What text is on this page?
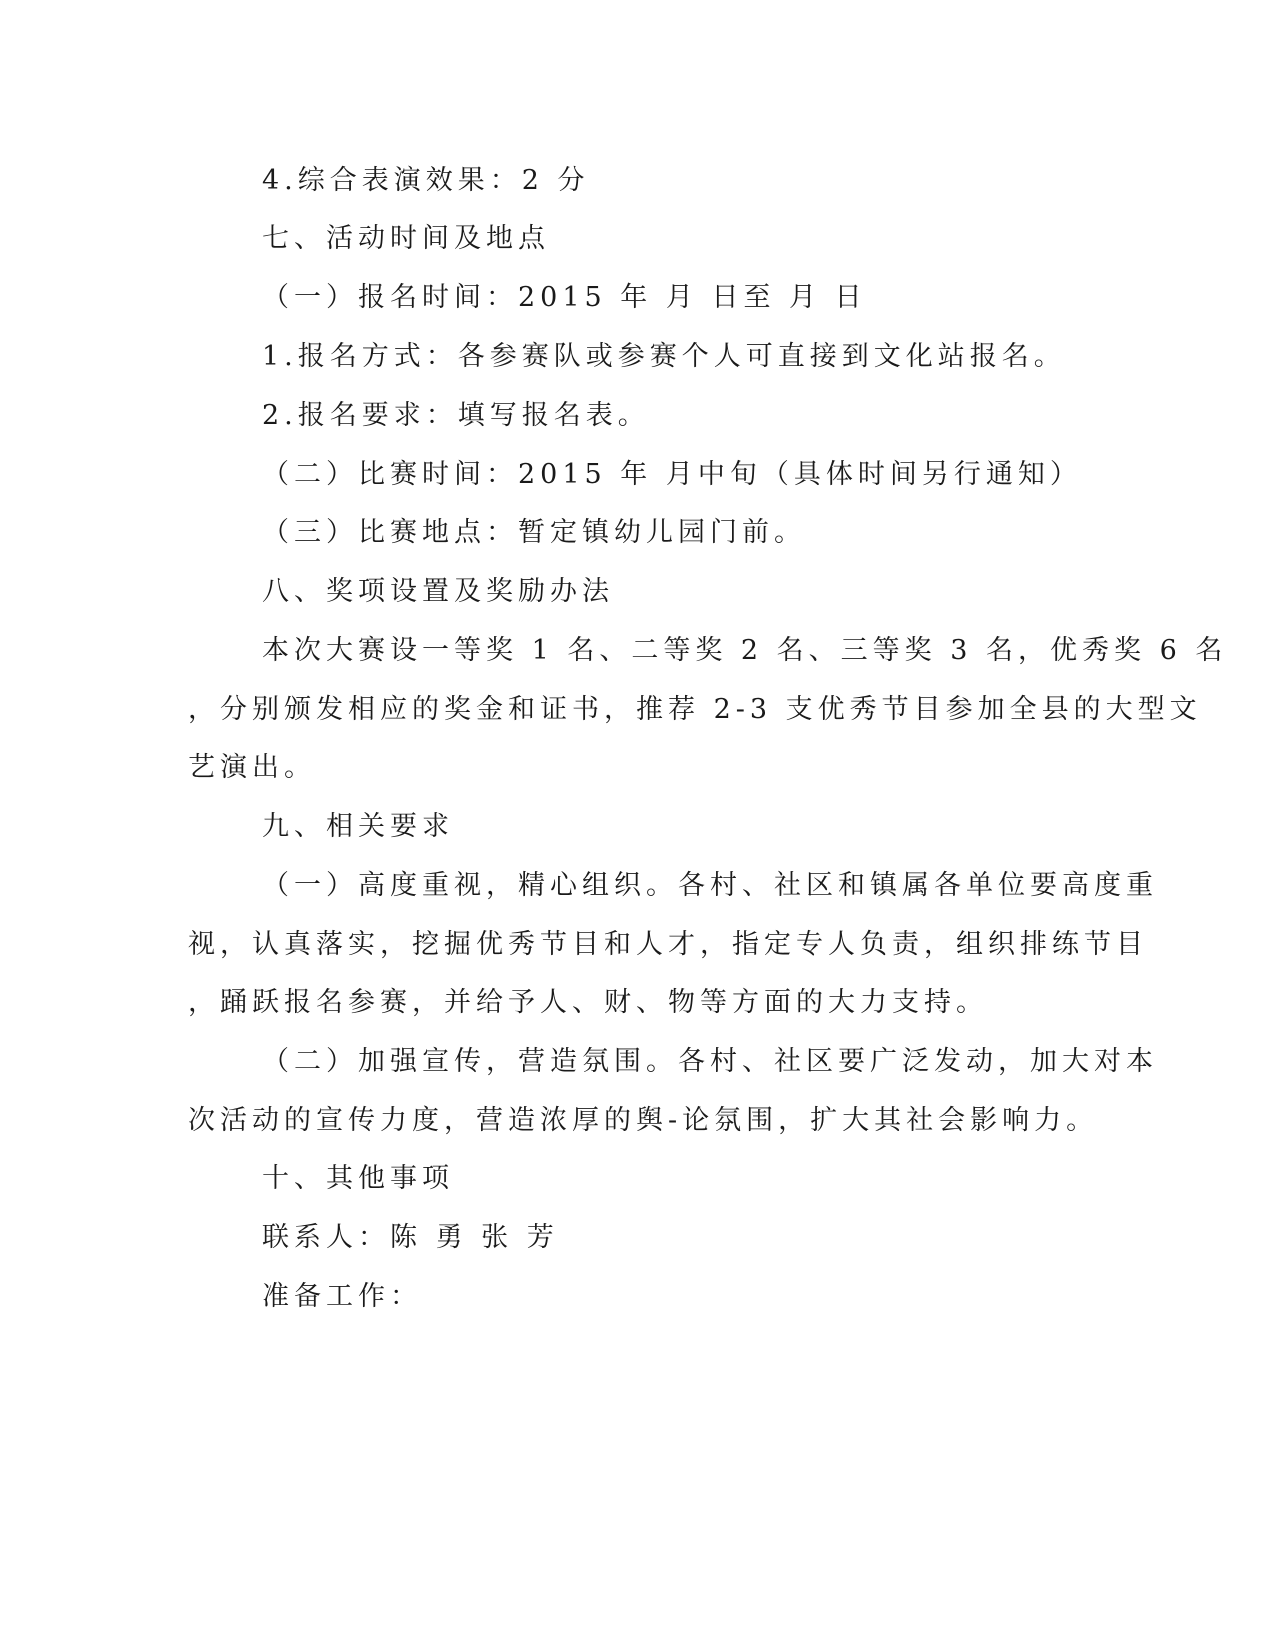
4.综合表演效果：2 分
七、活动时间及地点
（一）报名时间：2015 年 月 日至 月 日
1.报名方式：各参赛队或参赛个人可直接到文化站报名。
2.报名要求：填写报名表。
（二）比赛时间：2015 年 月中旬（具体时间另行通知）
（三）比赛地点：暂定镇幼儿园门前。
八、奖项设置及奖励办法
本次大赛设一等奖 1 名、二等奖 2 名、三等奖 3 名，优秀奖 6 名
，分别颁发相应的奖金和证书，推荐 2-3 支优秀节目参加全县的大型文
艺演出。
九、相关要求
（一）高度重视，精心组织。各村、社区和镇属各单位要高度重
视，认真落实，挖掘优秀节目和人才，指定专人负责，组织排练节目
，踊跃报名参赛，并给予人、财、物等方面的大力支持。
（二）加强宣传，营造氛围。各村、社区要广泛发动，加大对本
次活动的宣传力度，营造浓厚的舆-论氛围，扩大其社会影响力。
十、其他事项
联系人：陈 勇 张 芳
准备工作：
